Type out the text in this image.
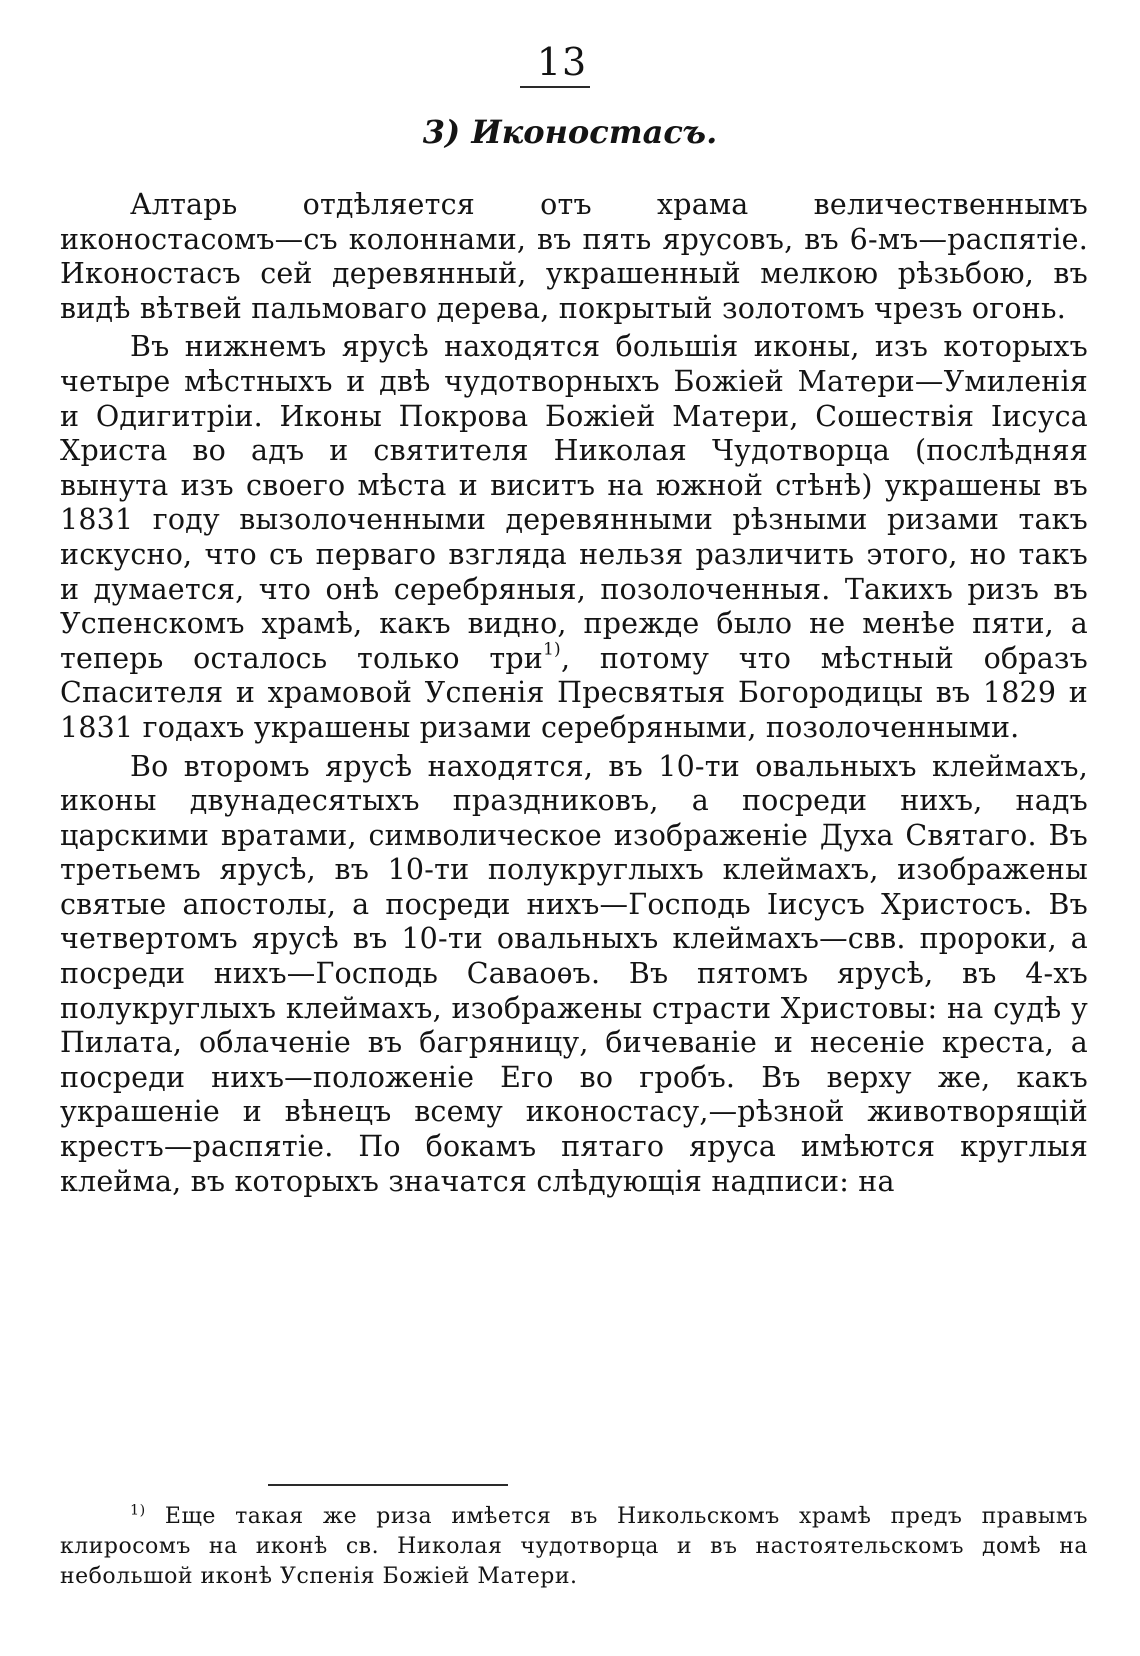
13
3) Иконостасъ.

Алтарь отдѣляется отъ храма величественнымъ иконостасомъ—съ колоннами, въ пять ярусовъ, въ 6-мъ—распятіе. Иконостасъ сей деревянный, украшенный мелкою рѣзьбою, въ видѣ вѣтвей пальмоваго дерева, покрытый золотомъ чрезъ огонь.

Въ нижнемъ ярусѣ находятся большія иконы, изъ которыхъ четыре мѣстныхъ и двѣ чудотворныхъ Божіей Матери—Умиленія и Одигитріи. Иконы Покрова Божіей Матери, Сошествія Іисуса Христа во адъ и святителя Николая Чудотворца (послѣдняя вынута изъ своего мѣста и виситъ на южной стѣнѣ) украшены въ 1831 году вызолоченными деревянными рѣзными ризами такъ искусно, что съ перваго взгляда нельзя различить этого, но такъ и думается, что онѣ серебряныя, позолоченныя. Такихъ ризъ въ Успенскомъ храмѣ, какъ видно, прежде было не менѣе пяти, а теперь осталось только три$^{1)}$, потому что мѣстный образъ Спасителя и храмовой Успенія Пресвятыя Богородицы въ 1829 и 1831 годахъ украшены ризами серебряными, позолоченными.

Во второмъ ярусѣ находятся, въ 10-ти овальныхъ клеймахъ, иконы двунадесятыхъ праздниковъ, а посреди нихъ, надъ царскими вратами, символическое изображеніе Духа Святаго. Въ третьемъ ярусѣ, въ 10-ти полукруглыхъ клеймахъ, изображены святые апостолы, а посреди нихъ—Господь Іисусъ Христосъ. Въ четвертомъ ярусѣ въ 10-ти овальныхъ клеймахъ—свв. пророки, а посреди нихъ—Господь Саваоѳъ. Въ пятомъ ярусѣ, въ 4-хъ полукруглыхъ клеймахъ, изображены страсти Христовы: на судѣ у Пилата, облаченіе въ багряницу, бичеваніе и несеніе креста, а посреди нихъ—положеніе Его во гробъ. Въ верху же, какъ украшеніе и вѣнецъ всему иконостасу,—рѣзной животворящій крестъ—распятіе. По бокамъ пятаго яруса имѣются круглыя клейма, въ которыхъ значатся слѣдующія надписи: на

$^{1)}$ Еще такая же риза имѣется въ Никольскомъ храмѣ предъ правымъ клиросомъ на иконѣ св. Николая чудотворца и въ настоятельскомъ домѣ на небольшой иконѣ Успенія Божіей Матери.
